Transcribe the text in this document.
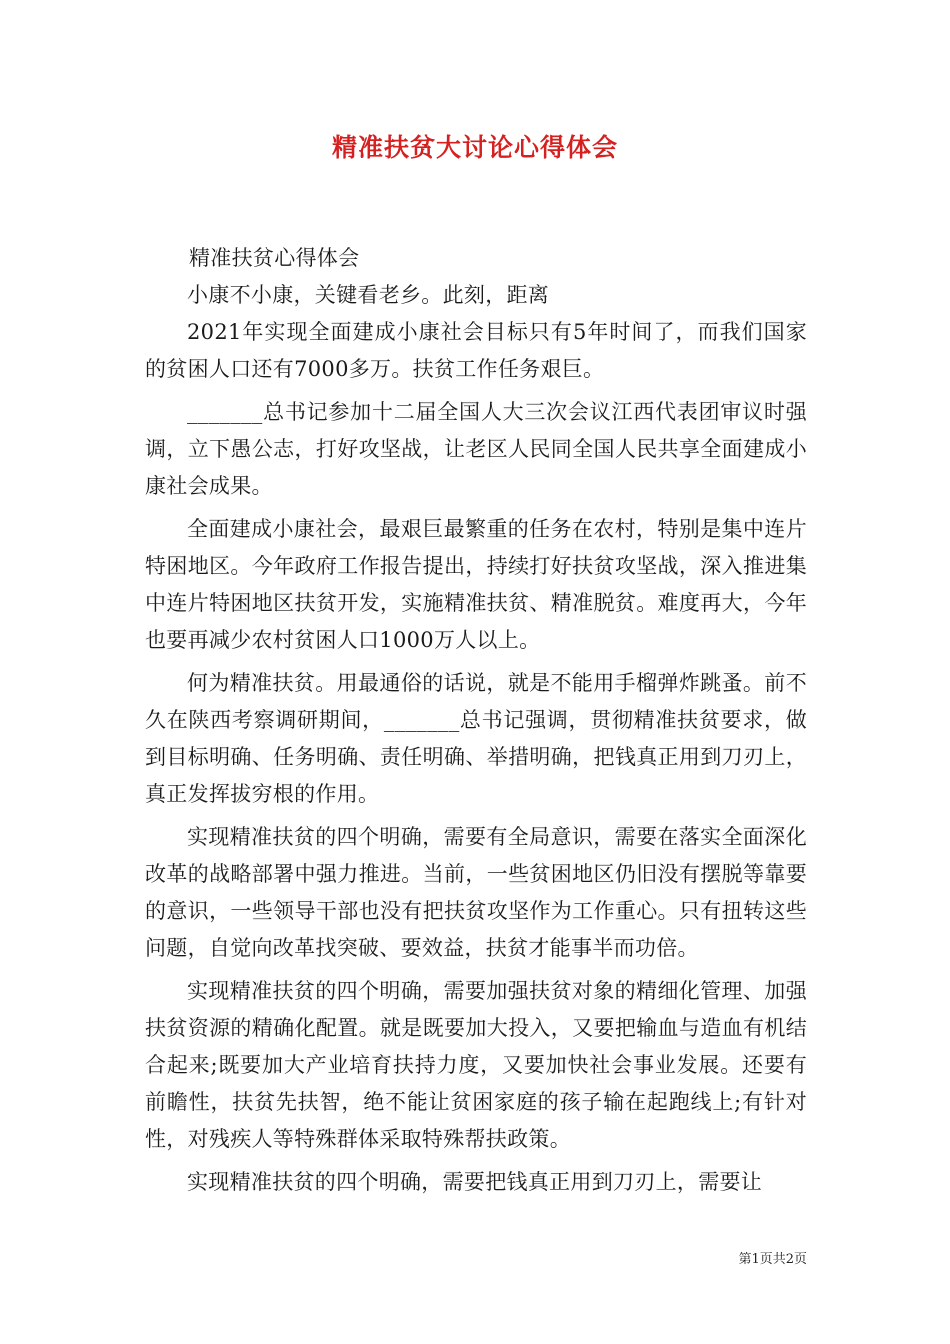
精准扶贫大讨论心得体会

精准扶贫心得体会

小康不小康，关键看老乡。此刻，距离

2021年实现全面建成小康社会目标只有5年时间了，而我们国家的贫困人口还有7000多万。扶贫工作任务艰巨。

_______总书记参加十二届全国人大三次会议江西代表团审议时强调，立下愚公志，打好攻坚战，让老区人民同全国人民共享全面建成小康社会成果。

全面建成小康社会，最艰巨最繁重的任务在农村，特别是集中连片特困地区。今年政府工作报告提出，持续打好扶贫攻坚战，深入推进集中连片特困地区扶贫开发，实施精准扶贫、精准脱贫。难度再大，今年也要再减少农村贫困人口1000万人以上。

何为精准扶贫。用最通俗的话说，就是不能用手榴弹炸跳蚤。前不久在陕西考察调研期间，_______总书记强调，贯彻精准扶贫要求，做到目标明确、任务明确、责任明确、举措明确，把钱真正用到刀刃上，真正发挥拔穷根的作用。

实现精准扶贫的四个明确，需要有全局意识，需要在落实全面深化改革的战略部署中强力推进。当前，一些贫困地区仍旧没有摆脱等靠要的意识，一些领导干部也没有把扶贫攻坚作为工作重心。只有扭转这些问题，自觉向改革找突破、要效益，扶贫才能事半而功倍。

实现精准扶贫的四个明确，需要加强扶贫对象的精细化管理、加强扶贫资源的精确化配置。就是既要加大投入，又要把输血与造血有机结合起来;既要加大产业培育扶持力度，又要加快社会事业发展。还要有前瞻性，扶贫先扶智，绝不能让贫困家庭的孩子输在起跑线上;有针对性，对残疾人等特殊群体采取特殊帮扶政策。

实现精准扶贫的四个明确，需要把钱真正用到刀刃上，需要让

第1页共2页
